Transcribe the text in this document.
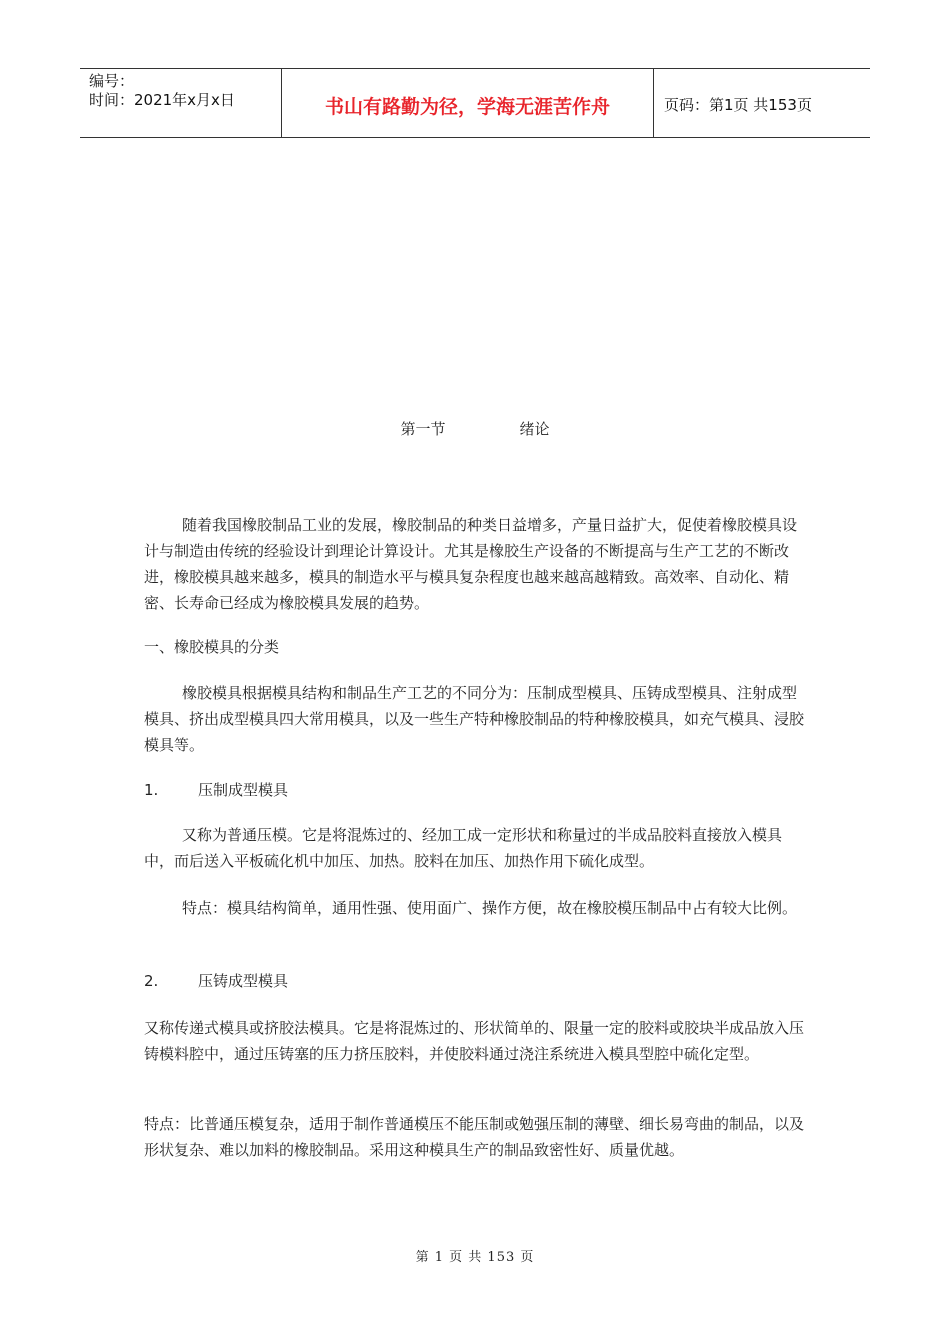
编号：
时间：2021年x月x日	书山有路勤为径，学海无涯苦作舟	页码：第1页 共153页
第一节	绪论

随着我国橡胶制品工业的发展，橡胶制品的种类日益增多，产量日益扩大，促使着橡胶模具设计与制造由传统的经验设计到理论计算设计。尤其是橡胶生产设备的不断提高与生产工艺的不断改进，橡胶模具越来越多，模具的制造水平与模具复杂程度也越来越高越精致。高效率、自动化、精密、长寿命已经成为橡胶模具发展的趋势。

一、橡胶模具的分类

橡胶模具根据模具结构和制品生产工艺的不同分为：压制成型模具、压铸成型模具、注射成型模具、挤出成型模具四大常用模具，以及一些生产特种橡胶制品的特种橡胶模具，如充气模具、浸胶模具等。

1.	压制成型模具

又称为普通压模。它是将混炼过的、经加工成一定形状和称量过的半成品胶料直接放入模具中，而后送入平板硫化机中加压、加热。胶料在加压、加热作用下硫化成型。

特点：模具结构简单，通用性强、使用面广、操作方便，故在橡胶模压制品中占有较大比例。

2.	压铸成型模具

又称传递式模具或挤胶法模具。它是将混炼过的、形状简单的、限量一定的胶料或胶块半成品放入压铸模料腔中，通过压铸塞的压力挤压胶料，并使胶料通过浇注系统进入模具型腔中硫化定型。

特点：比普通压模复杂，适用于制作普通模压不能压制或勉强压制的薄壁、细长易弯曲的制品，以及形状复杂、难以加料的橡胶制品。采用这种模具生产的制品致密性好、质量优越。

第 1 页 共 153 页
